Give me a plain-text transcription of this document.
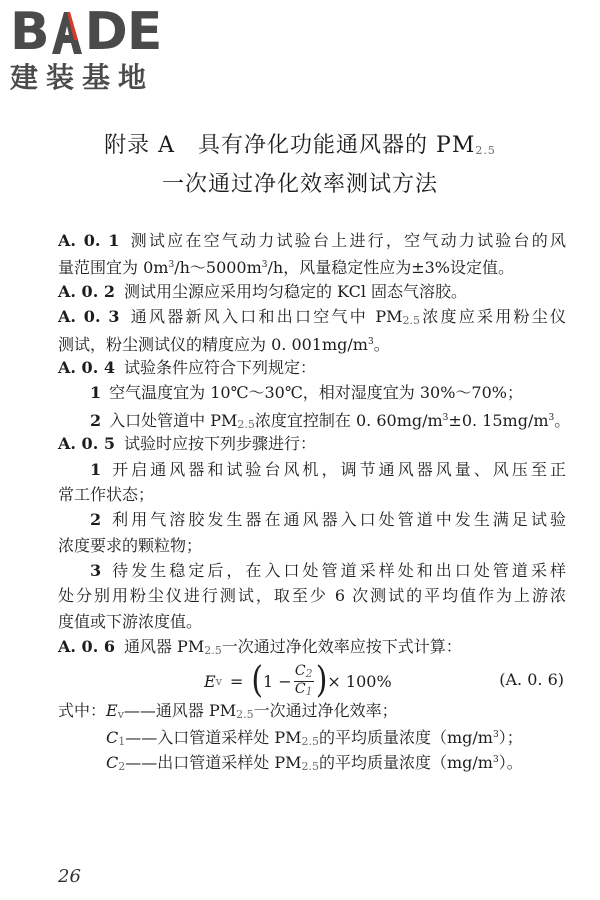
B D E
建装基地
附录 A　具有净化功能通风器的 $PM_{2.5}$
一次通过净化效率测试方法
A. 0. 1 测试应在空气动力试验台上进行，空气动力试验台的风
量范围宜为 $0m^3/h\sim 5000m^3/h$，风量稳定性应为±3%设定值。
A. 0. 2 测试用尘源应采用均匀稳定的 KCl 固态气溶胶。
A. 0. 3 通风器新风入口和出口空气中 $PM_{2.5}$浓度应采用粉尘仪
测试，粉尘测试仪的精度应为 0. $001mg/m^3$。
A. 0. 4 试验条件应符合下列规定：
1 空气温度宜为 10℃～30℃，相对湿度宜为 30%～70%；
2 入口处管道中 $PM_{2.5}$浓度宜控制在 0. $60mg/m^3\pm 0$. $15mg/m^3$。
A. 0. 5 试验时应按下列步骤进行：
1 开启通风器和试验台风机，调节通风器风量、风压至正
常工作状态；
2 利用气溶胶发生器在通风器入口处管道中发生满足试验
浓度要求的颗粒物；
3 待发生稳定后，在入口处管道采样处和出口处管道采样
处分别用粉尘仪进行测试，取至少 6 次测试的平均值作为上游浓
度值或下游浓度值。
A. 0. 6 通风器 $PM_{2.5}$一次通过净化效率应按下式计算：
E v = ( $1 - \frac{C_2}{C_1}$ ) × 100%	(A. 0. 6)
式中：$E_v——$通风器 $PM_{2.5}$一次通过净化效率；
$C_1——$入口管道采样处 $PM_{2.5}$的平均质量浓度$(mg/m^3)$；
$C_2——$出口管道采样处 $PM_{2.5}$的平均质量浓度$(mg/m^3)$。
26
